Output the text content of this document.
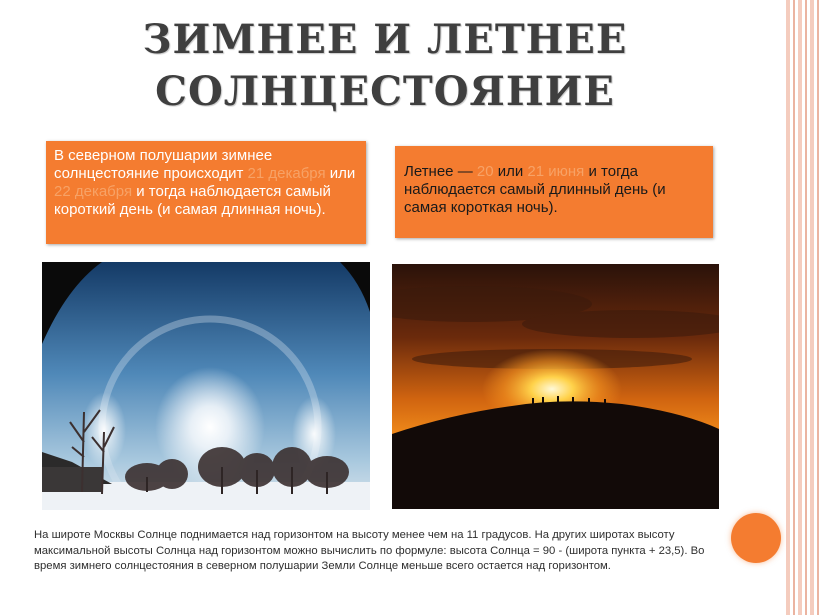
ЗИМНЕЕ И ЛЕТНЕЕ
СОЛНЦЕСТОЯНИЕ
В северном полушарии зимнее солнцестояние происходит 21 декабря или 22 декабря и тогда наблюдается самый короткий день (и самая длинная ночь).
Летнее — 20 или 21 июня и тогда наблюдается самый длинный день (и самая короткая ночь).
На широте Москвы Солнце поднимается над горизонтом на высоту менее чем на 11 градусов. На других широтах высоту максимальной высоты Солнца над горизонтом можно вычислить по формуле: высота Солнца = 90 - (широта пункта + 23,5). Во время зимнего солнцестояния в северном полушарии Земли Солнце меньше всего остается над горизонтом.
